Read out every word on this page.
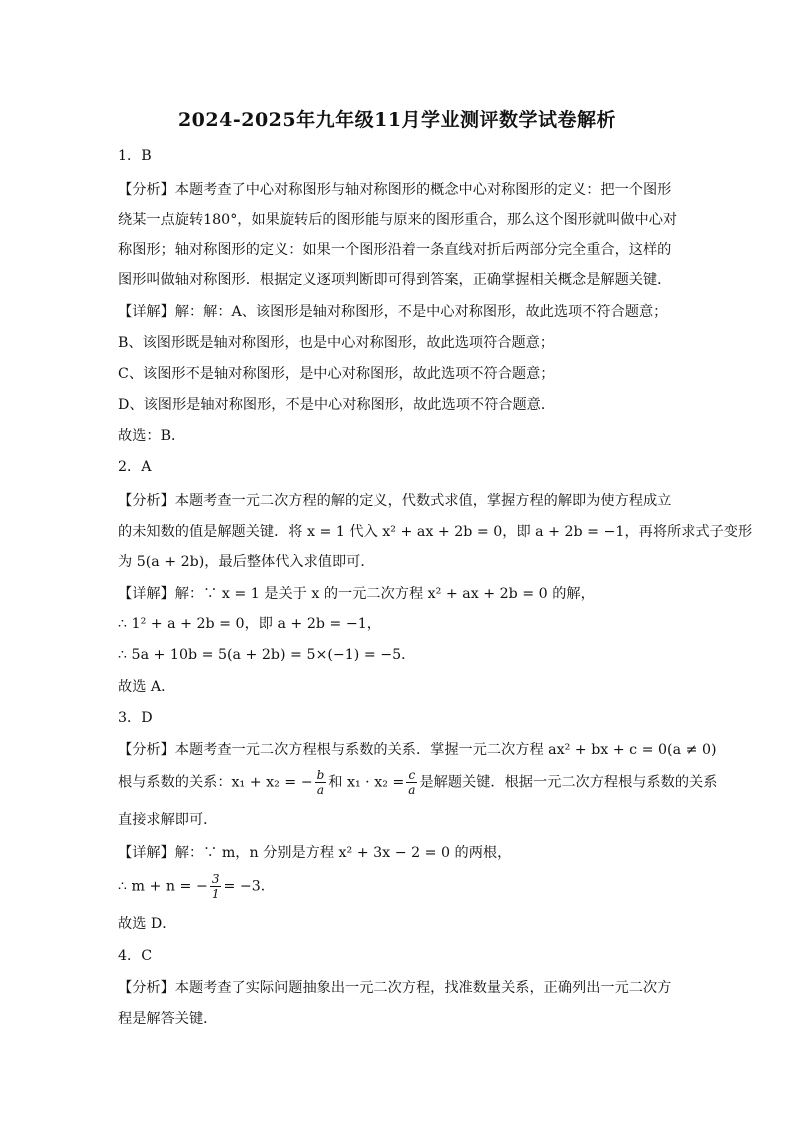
2024-2025年九年级11月学业测评数学试卷解析
1．B
【分析】本题考查了中心对称图形与轴对称图形的概念中心对称图形的定义：把一个图形
绕某一点旋转180°，如果旋转后的图形能与原来的图形重合，那么这个图形就叫做中心对
称图形；轴对称图形的定义：如果一个图形沿着一条直线对折后两部分完全重合，这样的
图形叫做轴对称图形．根据定义逐项判断即可得到答案，正确掌握相关概念是解题关键．
【详解】解：解：A、该图形是轴对称图形，不是中心对称图形，故此选项不符合题意；
B、该图形既是轴对称图形，也是中心对称图形，故此选项符合题意；
C、该图形不是轴对称图形，是中心对称图形，故此选项不符合题意；
D、该图形是轴对称图形，不是中心对称图形，故此选项不符合题意．
故选：B．
2．A
【分析】本题考查一元二次方程的解的定义，代数式求值，掌握方程的解即为使方程成立
的未知数的值是解题关键．将 x = 1 代入 x² + ax + 2b = 0，即 a + 2b = −1，再将所求式子变形
为 5(a + 2b)，最后整体代入求值即可．
【详解】解：∵ x = 1 是关于 x 的一元二次方程 x² + ax + 2b = 0 的解，
∴ 1² + a + 2b = 0，即 a + 2b = −1，
∴ 5a + 10b = 5(a + 2b) = 5×(−1) = −5．
故选 A．
3．D
【分析】本题考查一元二次方程根与系数的关系．掌握一元二次方程 ax² + bx + c = 0(a ≠ 0)
根与系数的关系：x₁ + x₂ = − $\frac{b}{a}$ 和 $x_1 \cdot x_2 = \frac{c}{a}$ 是解题关键．根据一元二次方程根与系数的关系
直接求解即可．
【详解】解：∵ m，n 分别是方程 x² + 3x − 2 = 0 的两根，
∴ m + n = − $\frac{3}{1} = -3$．
故选 D．
4．C
【分析】本题考查了实际问题抽象出一元二次方程，找准数量关系，正确列出一元二次方
程是解答关键．
